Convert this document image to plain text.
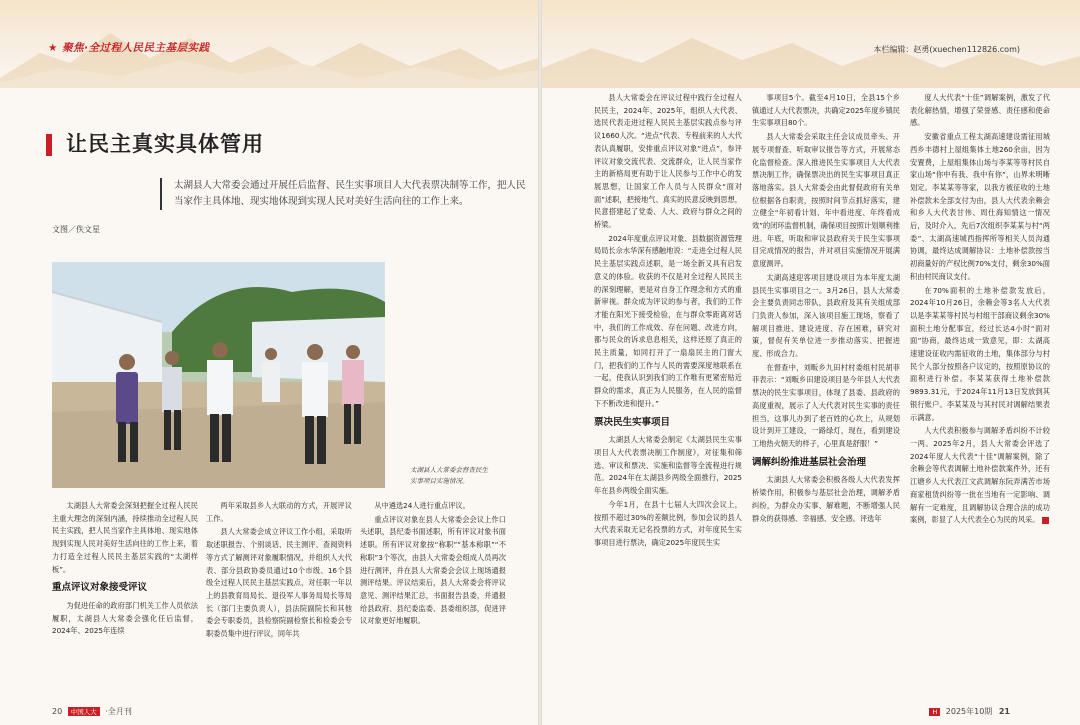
★ 聚焦·全过程人民民主基层实践
让民主真实具体管用
太湖县人大常委会通过开展任后监督、民生实事项目人大代表票决制等工作，把人民当家作主具体地、现实地体现到实现人民对美好生活向往的工作上来。
文图／佚文星
太湖县人大常委会督查民生实事项目实施情况。

太湖县人大常委会深刻把握全过程人民民主重大理念的深刻内涵，持续推动全过程人民民主实践，把人民当家作主具体地、现实地体现到实现人民对美好生活向往的工作上来，着力打造全过程人民民主基层实践的“太湖样板”。

重点评议对象接受评议

为促进任命的政府部门机关工作人员依法履职，太湖县人大常委会强化任后监督，2024年、2025年连续

两年采取县乡人大联动的方式，开展评议工作。

县人大常委会成立评议工作小组，采取听取述职报告、个别谈话、民主测评、查阅资料等方式了解测评对象履职情况，并组织人大代表、部分县政协委员通过10个市级、16个县级全过程人民民主基层实践点，对任职一年以上的县教育局局长、退役军人事务局局长等局长（部门主要负责人），县法院副院长和其他委会专职委员，县检察院副检察长和检委会专职委员集中进行评议，同年共

从中遴选24人进行重点评议。

重点评议对象在县人大常委会会议上作口头述职，县纪委书面述职，所有评议对象书面述职。所有评议对象按“称职”“基本称职”“不称职”3个等次，由县人大常委会组成人员再次进行测评，并在县人大常委会会议上现场通报测评结果。评议结束后，县人大常委会将评议意见、测评结果汇总，书面报告县委，并通报给县政府、县纪委监委、县委组织部，促进评议对象更好地履职。

20 中国人大 ·全月刊
本栏编辑：赵勇(xuechen112826.com)

县人大常委会在评议过程中践行全过程人民民主，2024年、2025年，组织人大代表、选民代表走进过程人民民主基层实践点参与评议1660人次。“进点”代表、专程前来的人大代表认真履职，安排重点评议对象“进点”，参评评议对象交流代表、交流群众，让人民当家作主的新格局更有助于让人民参与工作中心的发展思想，让国家工作人员与人民群众“面对面”述职，把接地气、真实的民意反映到思想，民意搭建起了党委、人大、政府与群众之间的桥梁。

2024年度重点评议对象、县数据资源管理局局长佘水华深有感触地说：“走进全过程人民民主基层实践点述职，是一场全新又具有启发意义的体验。收获的不仅是对全过程人民民主的深刻理解，更是对自身工作理念和方式的重新审视。群众成为评议的参与者，我们的工作才能在阳光下接受检验，在与群众零距离对话中，我们的工作成效、存在问题、改进方向，都与民众的诉求息息相关，这样还原了真正的民主质量，如同打开了一扇扇民主的门窗大门，把我们的工作与人民的需要深度地联系在一起，使我认识到我们的工作唯有更紧密贴近群众的需求，真正为人民服务，在人民的监督下不断改进和提升。”

票决民生实事项目

太湖县人大常委会制定《太湖县民生实事项目人大代表票决制工作制度》，对征集和筛选、审议和票决、实施和监督等全流程进行规范。2024年在太湖县乡两级全面推行，2025年在县乡两级全面实施。

今年1月，在县十七届人大四次会议上，按照不超过30%的差额比例，参加会议的县人大代表采取无记名投票的方式，对年度民生实事项目进行票决，确定2025年度民生实

事项目5个。截至4月10日，全县15个乡镇通过人大代表票决，共确定2025年度乡镇民生实事项目80个。

县人大常委会采取主任会议成员牵头、开展专项督查、听取审议报告等方式，开展常态化监督检查。深入推进民生实事项目人大代表票决制工作，确保票决出的民生实事项目真正落地落实。县人大常委会由此督促政府有关单位根据各自职责，按照时间节点抓好落实，建立健全“年初看计划、年中看进度、年终看成效”的闭环监督机制，确保项目按照计划顺利推进。年底，听取和审议县政府关于民生实事项目完成情况的报告，并对项目实施情况开展满意度测评。

太湖高速迎客项目建设项目为本年度太湖县民生实事项目之一。3月26日，县人大常委会主要负责同志带队，县政府及其有关组成部门负责人参加，深入该项目施工现场，察看了解项目推进、建设进度、存在困难，研究对策，督促有关单位进一步推动落实、把握进度、形成合力。

在督查中，刘畈乡九田村村委组村民胡菲菲表示：“刘畈乡田建设项目是今年县人大代表票决的民生实事项目，体现了县委、县政府的高度重视，展示了人大代表对民生实事的责任担当，这事儿办到了老百姓的心坎上，从规划设计到开工建设，一路绿灯，现在，看到建设工地热火朝天的样子，心里真是舒服！”

调解纠纷推进基层社会治理

太湖县人大常委会积极各级人大代表发挥桥梁作用，积极参与基层社会治理，调解矛盾纠纷，为群众办实事、解难题，不断增强人民群众的获得感、幸福感、安全感。评选年

度人大代表“十佳”调解案例，激发了代表化解热情，增强了荣誉感、责任感和使命感。

安徽省重点工程太湖高速建设需征用城西乡丰德村上屋组集体土地260余亩，因为安置费，上屋组集体山场与李某等等村民自家山场“你中有我、我中有你”，山界未明晰划定。李某某等等家，以我方被征收的土地补偿款未全部支付为由，县人大代表余赖会和乡人大代表甘伟、周仕海知情这一情况后，及时介入，先后7次组织李某某与村“两委”、太湖高速城西指挥所等相关人员沟通协调，最终达成调解协议：土地补偿款按当初商量好的产权比例70%支付，剩余30%面积由村民商议支付。

在70%面积的土地补偿款发放后，2024年10月26日，余赖会等3名人大代表以是李某某等村民与村组干部商议剩余30%面积土地分配事宜，经过长达4小时“面对面”协商，最终达成一致意见，即：太湖高速建设征收内需征收的土地，集体部分与村民个人部分按照各户议定的，按照原协议的面积进行补偿。李某某获得土地补偿款9893.31元，于2024年11月13日发放到其银行账户。李某某及与其村民对调解结果表示满意。

人大代表积极参与调解矛盾纠纷不计较一两。2025年2月，县人大常委会评选了2024年度人大代表“十佳”调解案例，除了余赖会等代表调解土地补偿款案件外，还有江塘乡人大代表江文武调解东阮弄满苦市场商家租赁纠纷等一批在当地有一定影响、调解有一定难度，且调解协议合理合法的成功案例，彰显了人大代表全心为民的风采。

H 2025年10期 21
